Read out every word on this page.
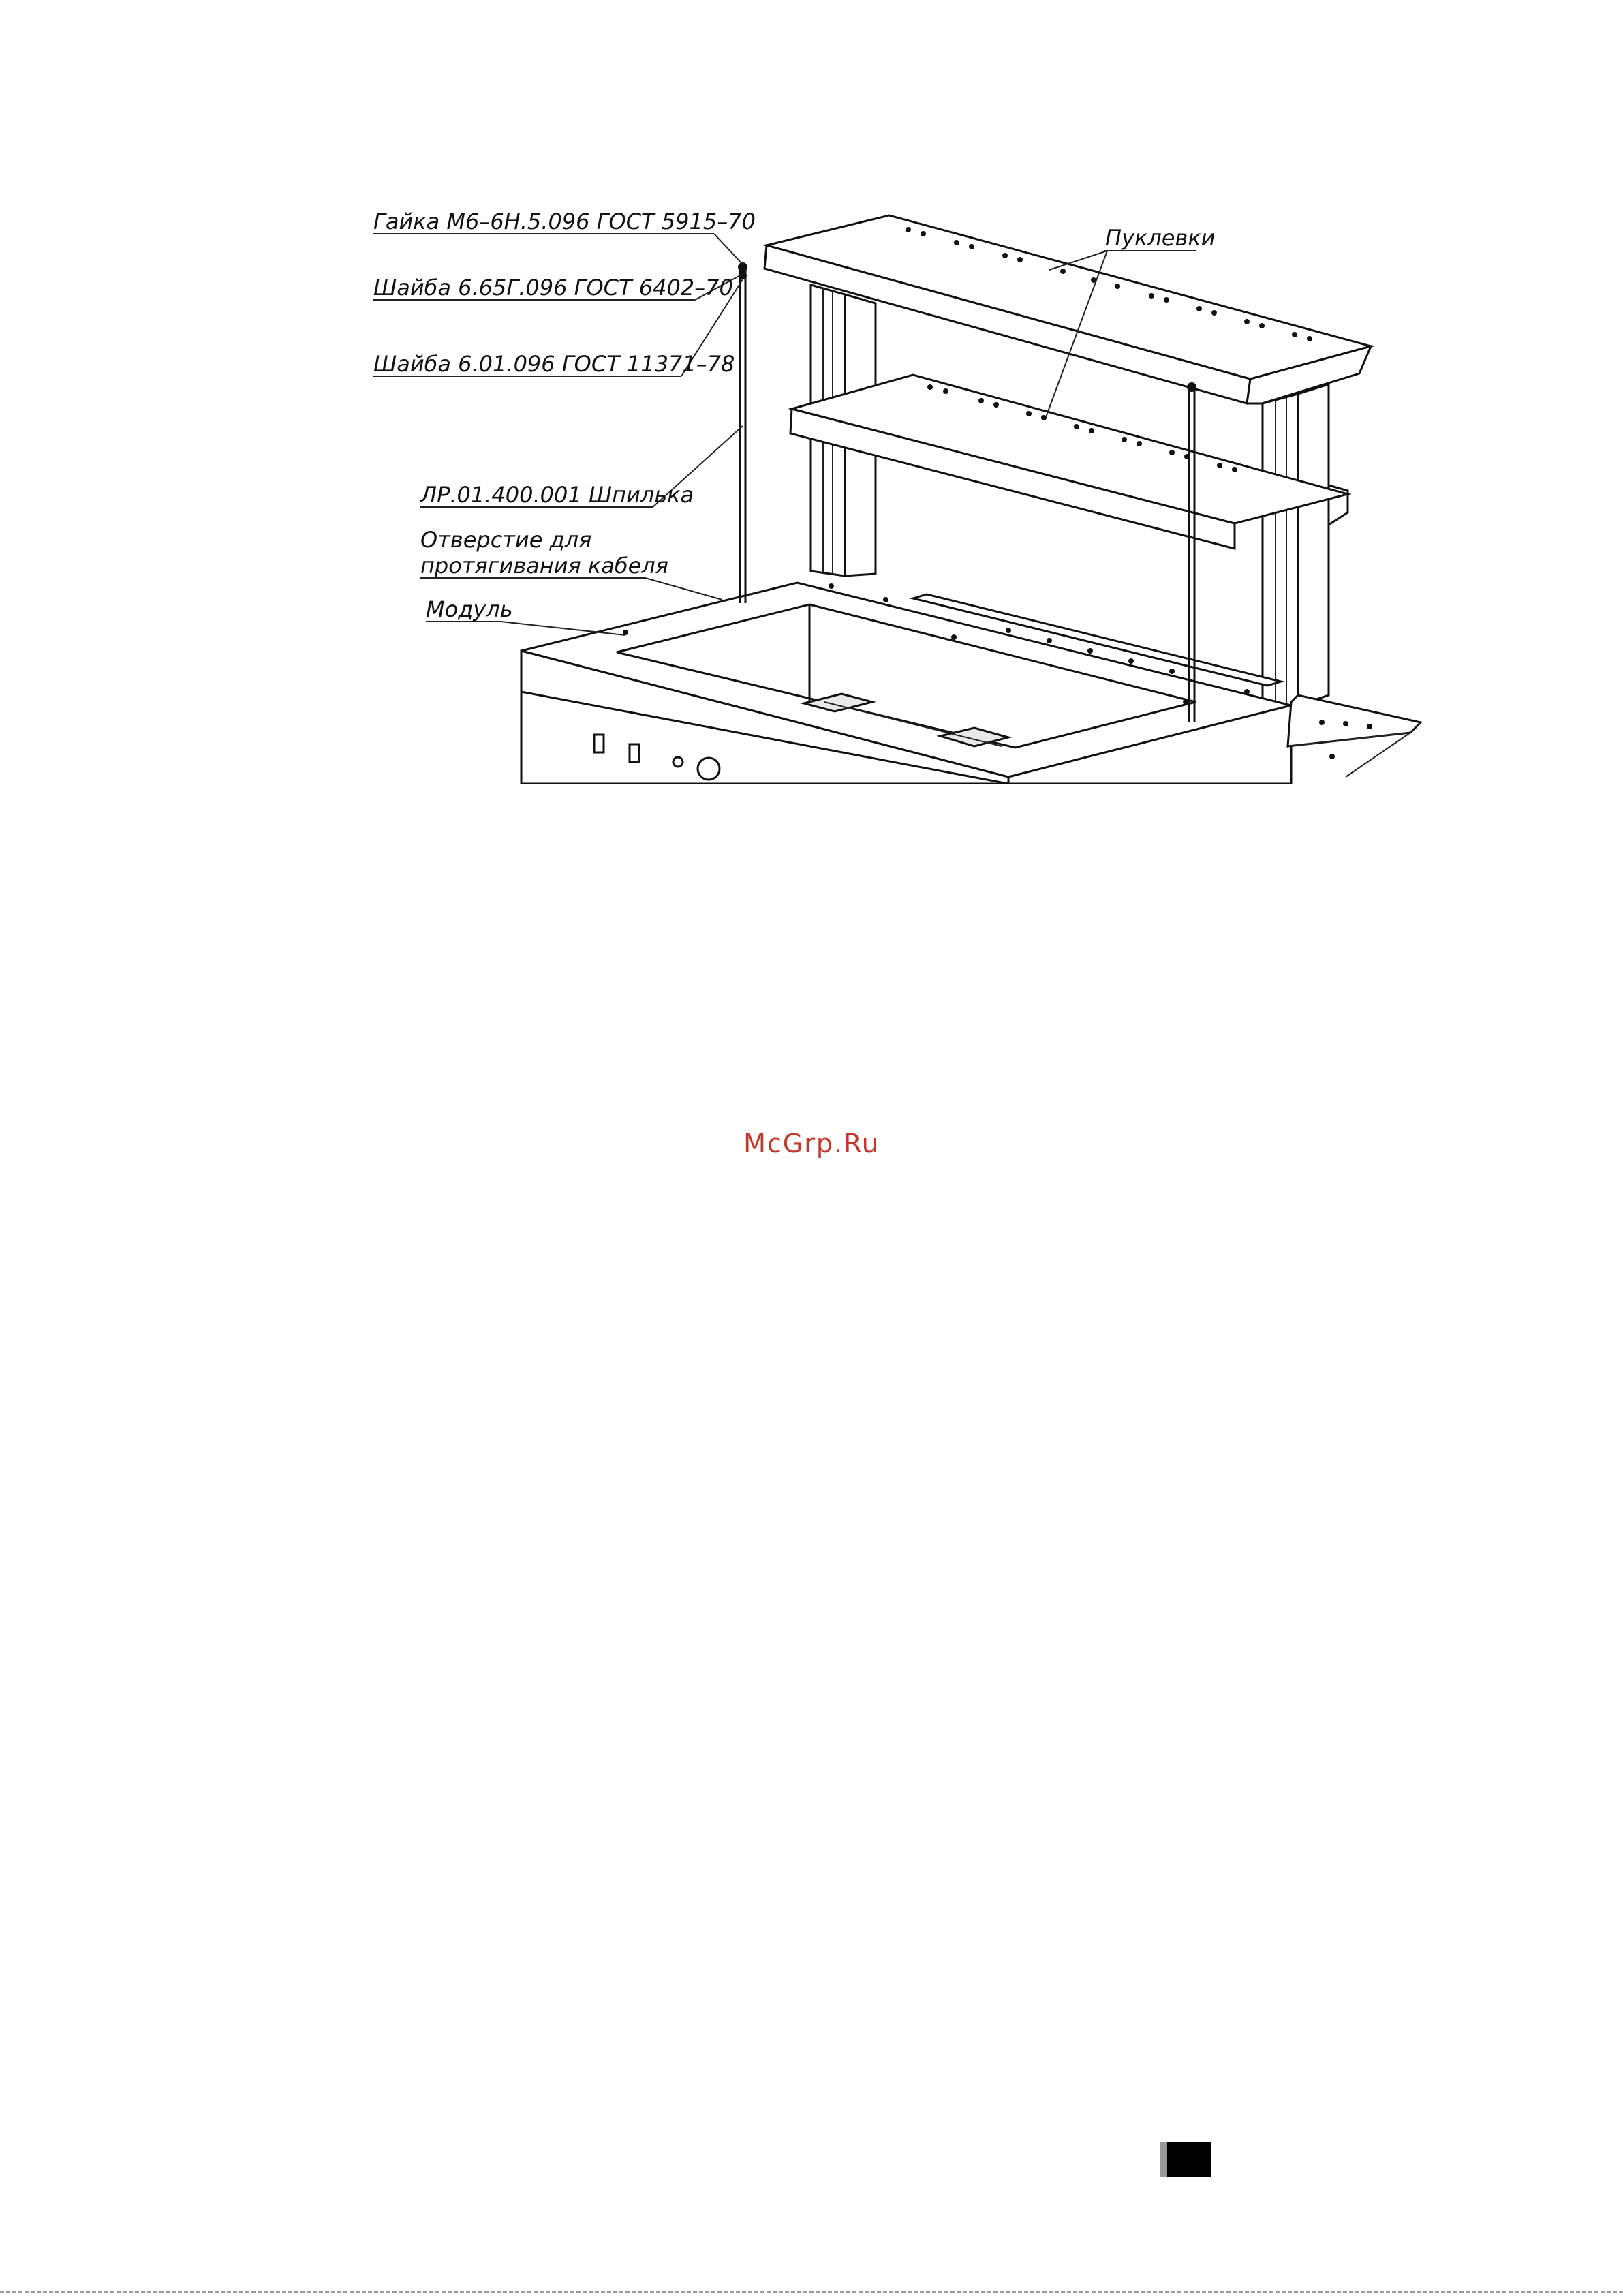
Гайка М6–6Н.5.096 ГОСТ 5915–70
Шайба 6.65Г.096 ГОСТ 6402–70
Шайба 6.01.096 ГОСТ 11371–78
ЛР.01.400.001 Шпилька
Отверстие для
протягивания кабеля
Модуль
Пуклевки
McGrp.Ru
